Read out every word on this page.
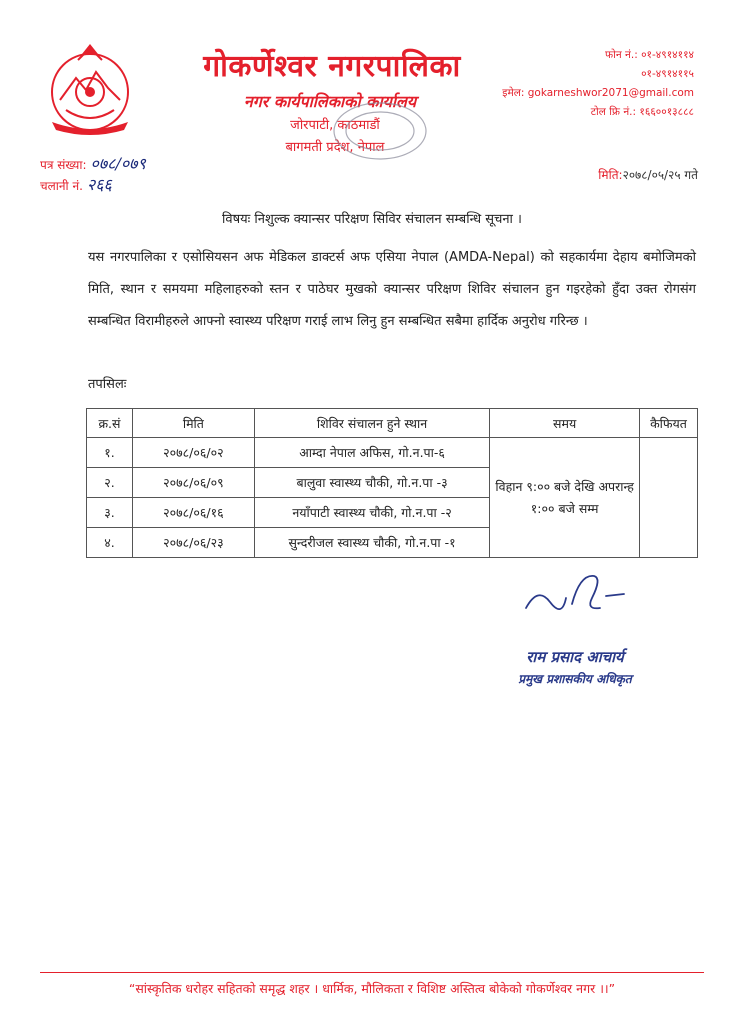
गोकर्णेश्वर नगरपालिका
नगर कार्यपालिकाको कार्यालय
जोरपाटी, काठमाडौं
बागमती प्रदेश, नेपाल
फोन नं.: ०१-४९१४११४
०१-४९१४११५
इमेल: gokarneshwor2071@gmail.com
टोल फ्रि नं.: १६६००१३८८८
पत्र संख्या: ०७८/०७९
चलानी नं. २६६	मिति:२०७८/०५/२५ गते
विषयः निशुल्क क्यान्सर परिक्षण सिविर संचालन सम्बन्धि सूचना ।
यस नगरपालिका र एसोसियसन अफ मेडिकल डाक्टर्स अफ एसिया नेपाल (AMDA-Nepal) को सहकार्यमा देहाय बमोजिमको मिति, स्थान र समयमा महिलाहरुको स्तन र पाठेघर मुखको क्यान्सर परिक्षण शिविर संचालन हुन गइरहेको हुँदा उक्त रोगसंग सम्बन्धित विरामीहरुले आफ्नो स्वास्थ्य परिक्षण गराई लाभ लिनु हुन सम्बन्धित सबैमा हार्दिक अनुरोध गरिन्छ ।
तपसिलः
क्र.सं	मिति	शिविर संचालन हुने स्थान	समय	कैफियत
१.	२०७८/०६/०२	आम्दा नेपाल अफिस, गो.न.पा-६	विहान ९:०० बजे देखि अपरान्ह १:०० बजे सम्म	
२.	२०७८/०६/०९	बालुवा स्वास्थ्य चौकी, गो.न.पा -३		
३.	२०७८/०६/१६	नयाँपाटी स्वास्थ्य चौकी, गो.न.पा -२		
४.	२०७८/०६/२३	सुन्दरीजल स्वास्थ्य चौकी, गो.न.पा -१		
राम प्रसाद आचार्य
प्रमुख प्रशासकीय अधिकृत
“सांस्कृतिक धरोहर सहितको समृद्ध शहर । धार्मिक, मौलिकता र विशिष्ट अस्तित्व बोकेको गोकर्णेश्वर नगर ।।”
